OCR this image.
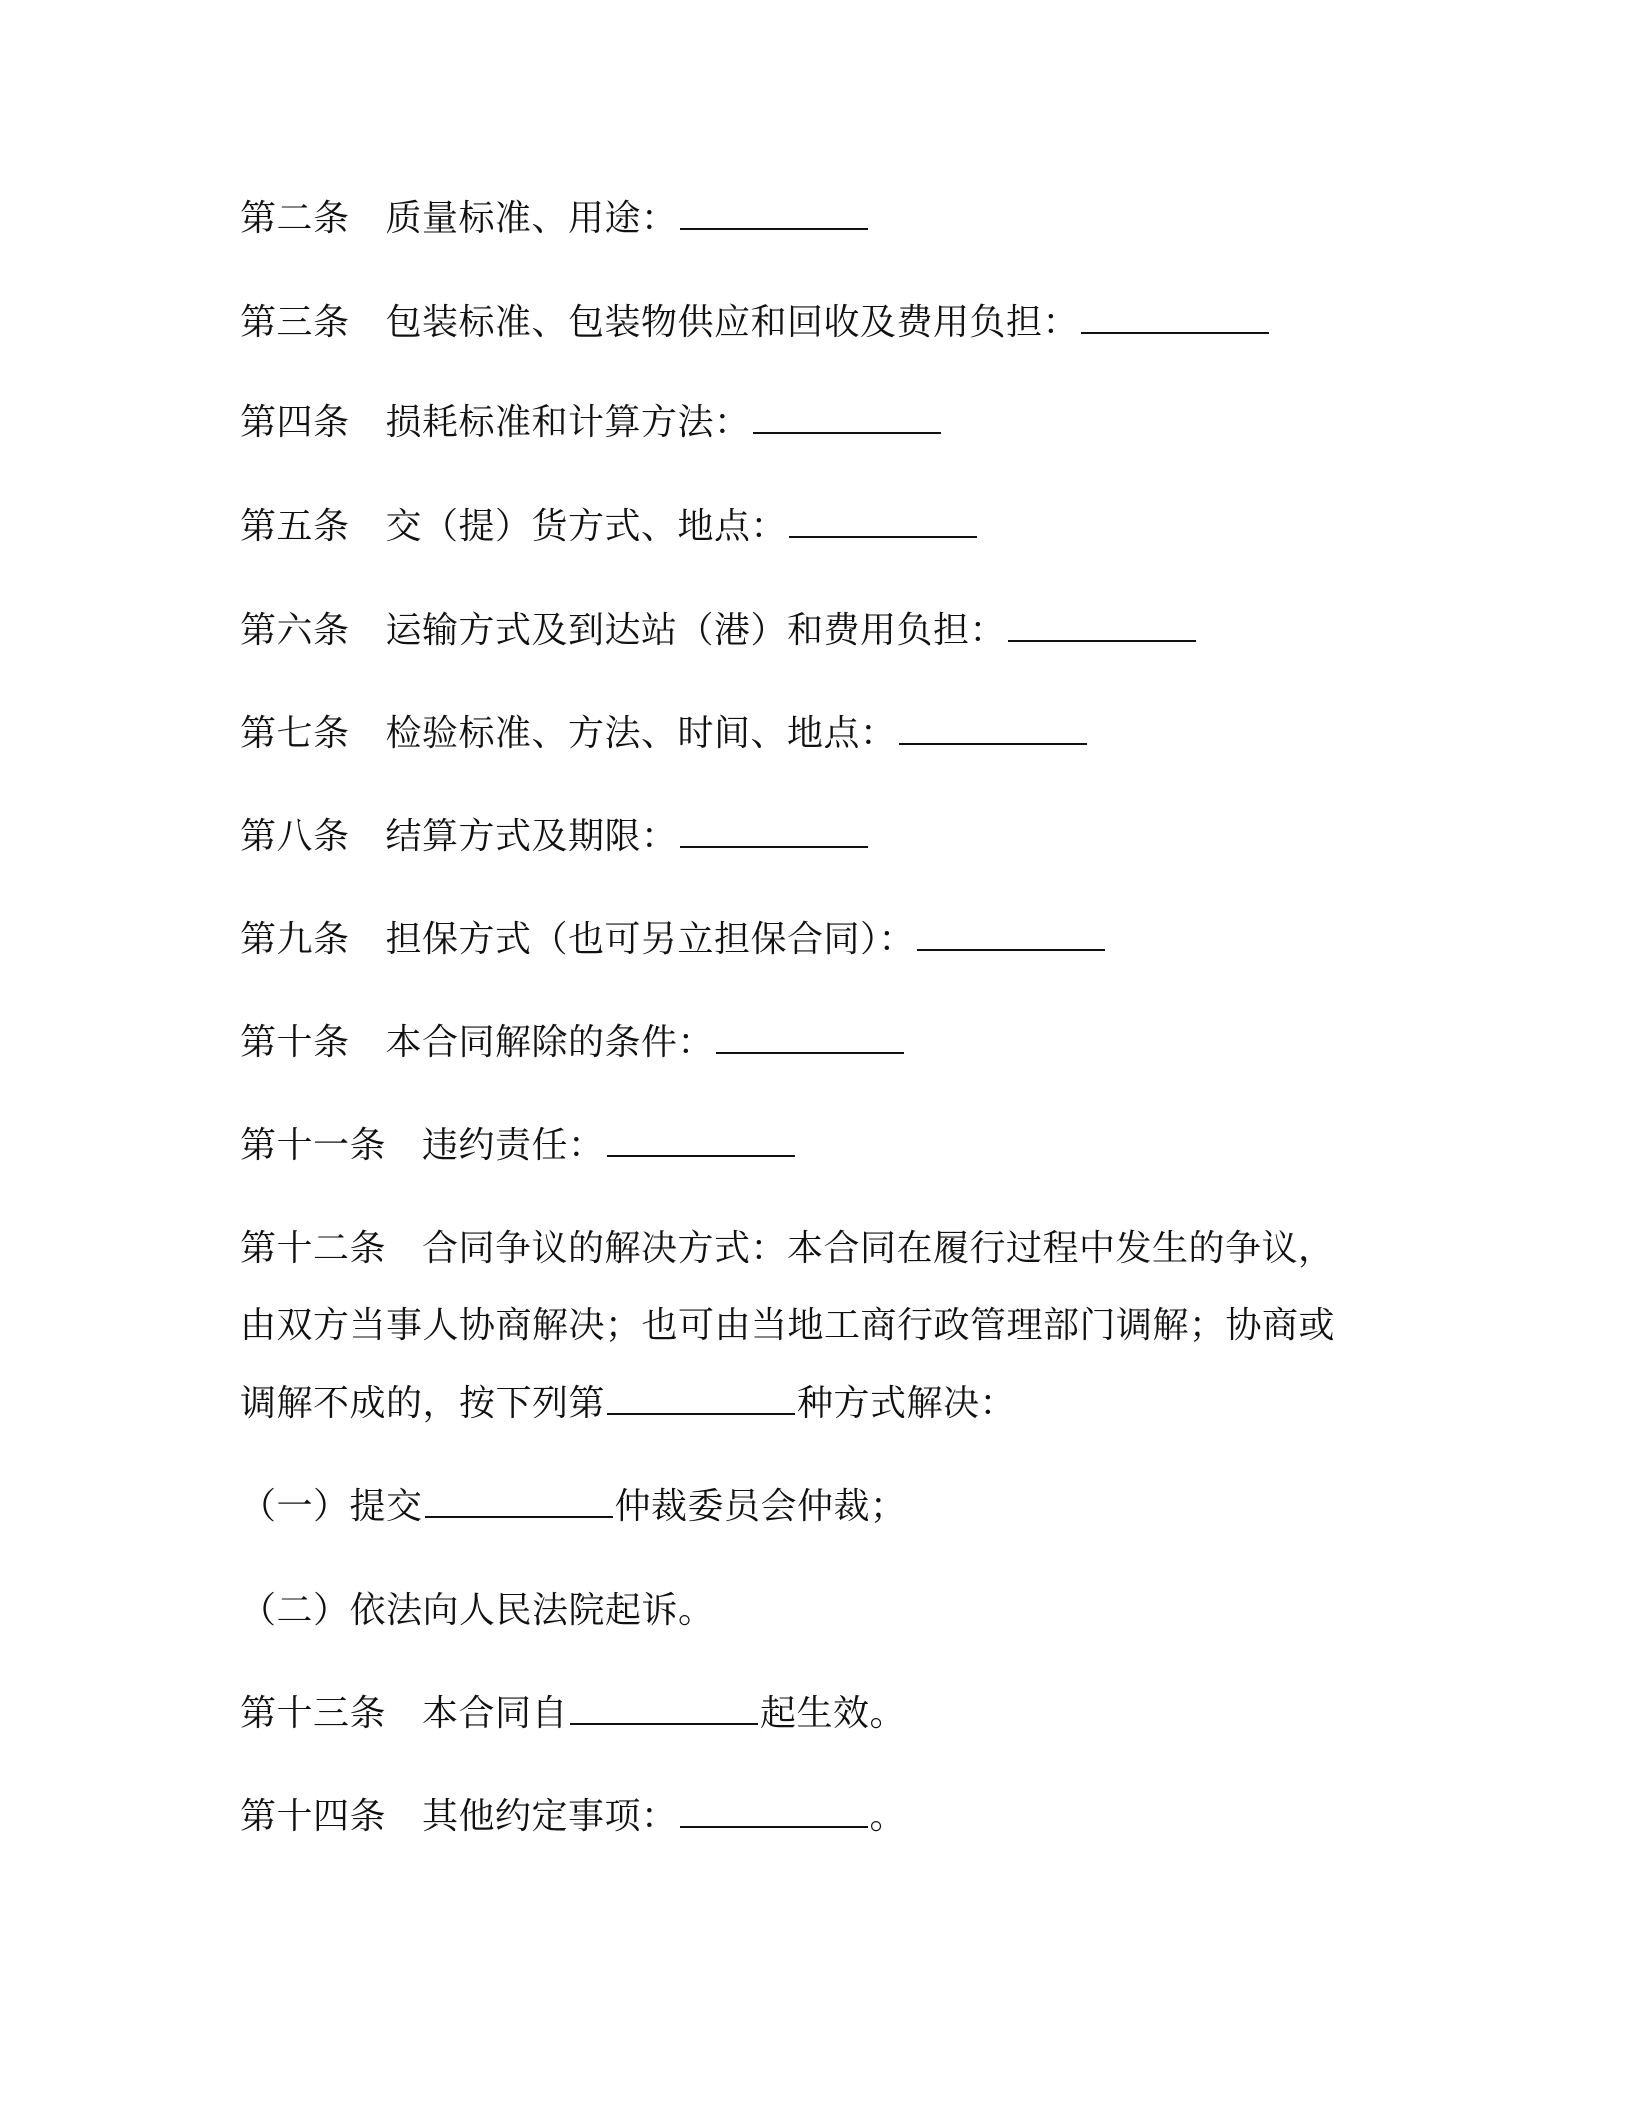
第二条 质量标准、用途：
第三条 包装标准、包装物供应和回收及费用负担：
第四条 损耗标准和计算方法：
第五条 交（提）货方式、地点：
第六条 运输方式及到达站（港）和费用负担：
第七条 检验标准、方法、时间、地点：
第八条 结算方式及期限：
第九条 担保方式（也可另立担保合同）：
第十条 本合同解除的条件：
第十一条 违约责任：
第十二条 合同争议的解决方式：本合同在履行过程中发生的争议，
由双方当事人协商解决；也可由当地工商行政管理部门调解；协商或
调解不成的，按下列第	种方式解决：
（一）提交	仲裁委员会仲裁；
（二）依法向人民法院起诉。
第十三条 本合同自	起生效。
第十四条 其他约定事项：	。
